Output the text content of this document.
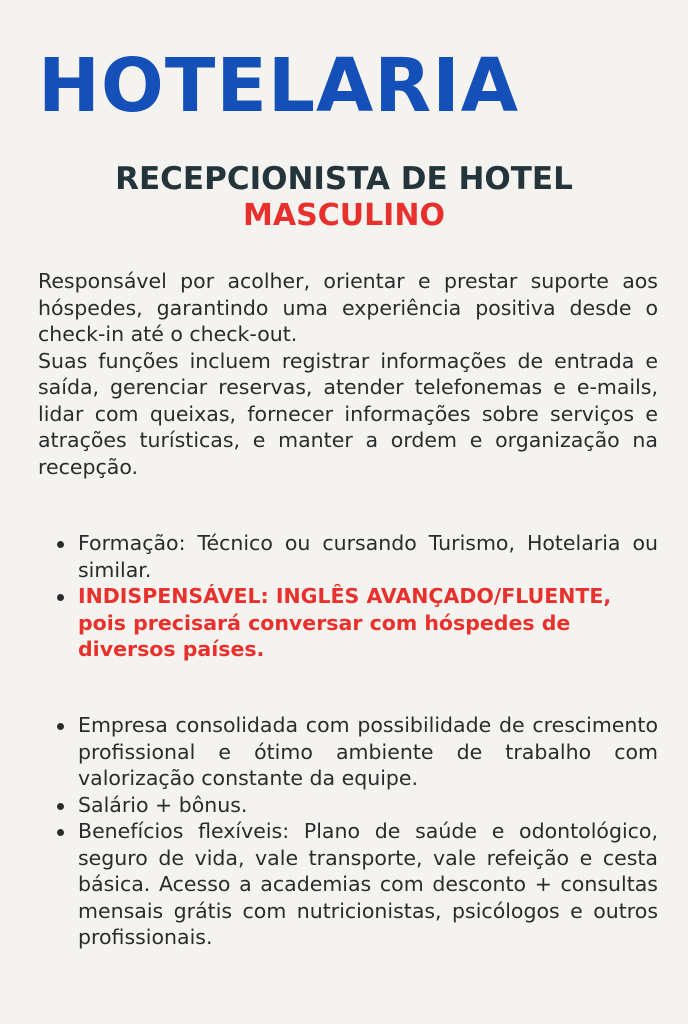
HOTELARIA
RECEPCIONISTA DE HOTEL
MASCULINO

Responsável por acolher, orientar e prestar suporte aos hóspedes, garantindo uma experiência positiva desde o check-in até o check-out.

Suas funções incluem registrar informações de entrada e saída, gerenciar reservas, atender telefonemas e e-mails, lidar com queixas, fornecer informações sobre serviços e atrações turísticas, e manter a ordem e organização na recepção.

Formação: Técnico ou cursando Turismo, Hotelaria ou similar.
INDISPENSÁVEL: INGLÊS AVANÇADO/FLUENTE, pois precisará conversar com hóspedes de diversos países.
Empresa consolidada com possibilidade de crescimento profissional e ótimo ambiente de trabalho com valorização constante da equipe.
Salário + bônus.
Benefícios flexíveis: Plano de saúde e odontológico, seguro de vida, vale transporte, vale refeição e cesta básica. Acesso a academias com desconto + consultas mensais grátis com nutricionistas, psicólogos e outros profissionais.
